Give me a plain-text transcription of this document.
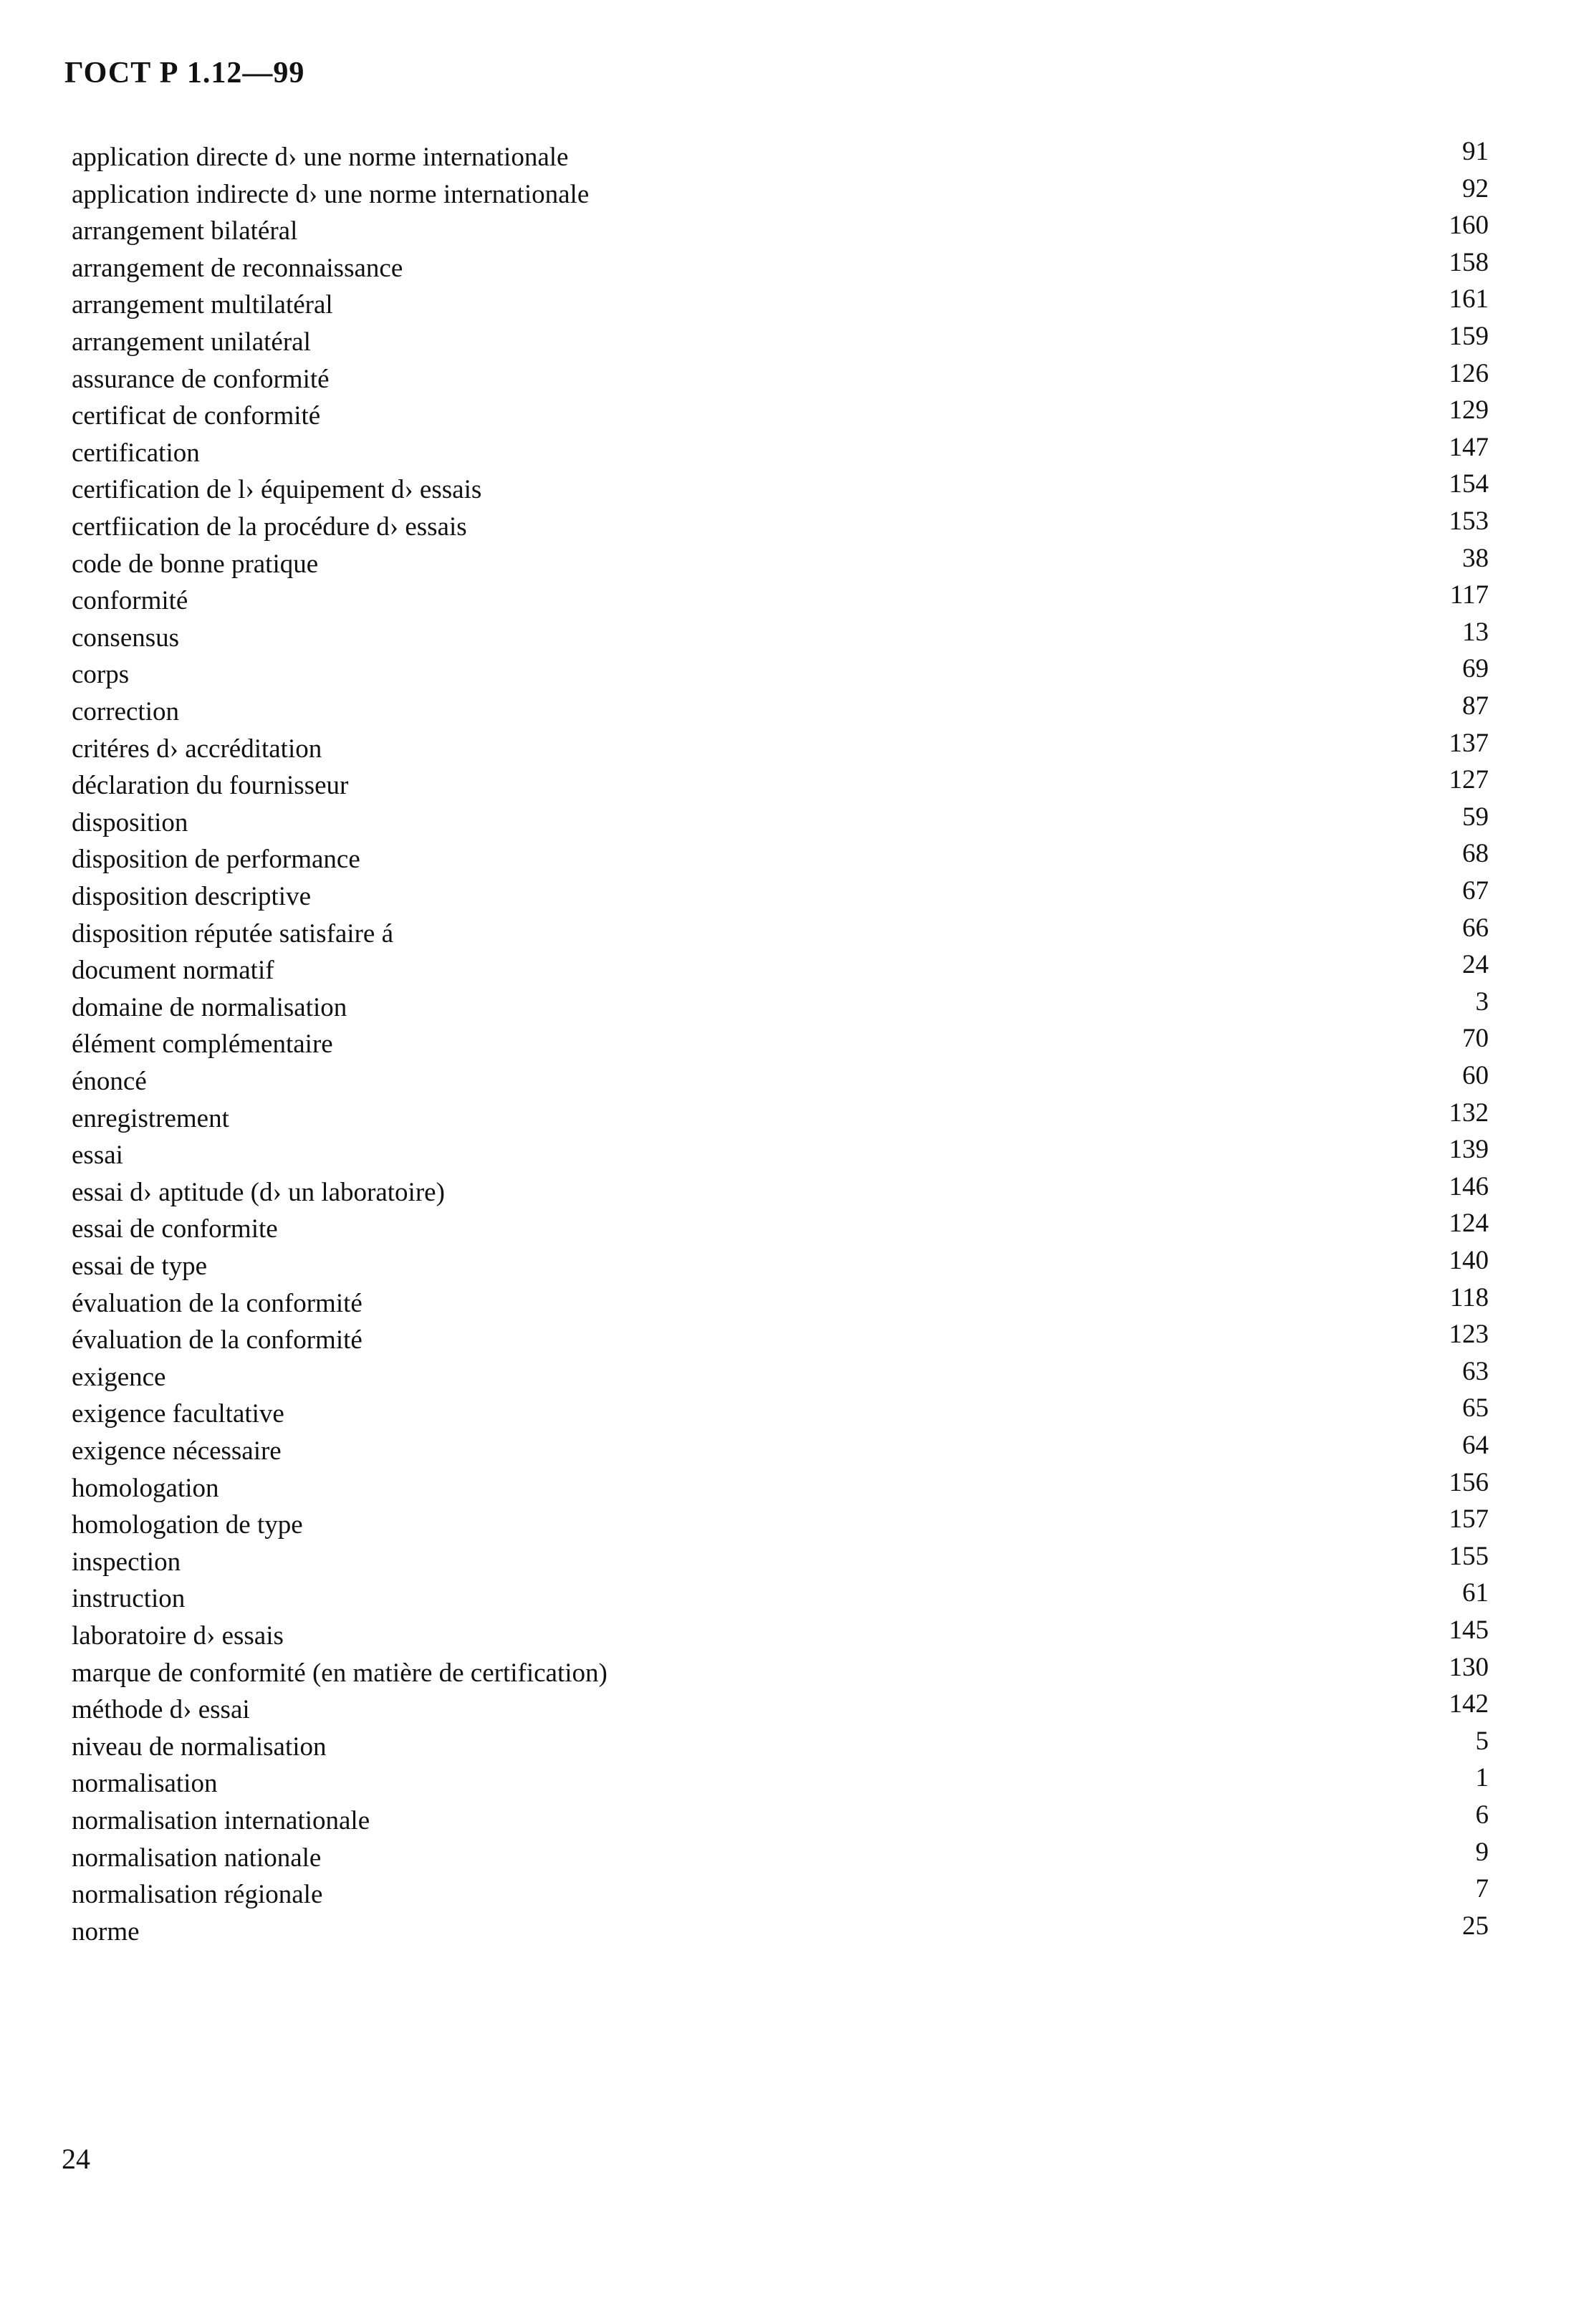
ГОСТ Р 1.12—99
application directe d› une norme internationale	91
application indirecte d› une norme internationale	92
arrangement bilatéral	160
arrangement de reconnaissance	158
arrangement multilatéral	161
arrangement unilatéral	159
assurance de conformité	126
certificat de conformité	129
certification	147
certification de l› équipement d› essais	154
certfiication de la procédure d› essais	153
code de bonne pratique	38
conformité	117
consensus	13
corps	69
correction	87
critéres d› accréditation	137
déclaration du fournisseur	127
disposition	59
disposition de performance	68
disposition descriptive	67
disposition réputée satisfaire á	66
document normatif	24
domaine de normalisation	3
élément complémentaire	70
énoncé	60
enregistrement	132
essai	139
essai d› aptitude (d› un laboratoire)	146
essai de conformite	124
essai de type	140
évaluation de la conformité	118
évaluation de la conformité	123
exigence	63
exigence facultative	65
exigence nécessaire	64
homologation	156
homologation de type	157
inspection	155
instruction	61
laboratoire d› essais	145
marque de conformité (en matière de certification)	130
méthode d› essai	142
niveau de normalisation	5
normalisation	1
normalisation internationale	6
normalisation nationale	9
normalisation régionale	7
norme	25

24
